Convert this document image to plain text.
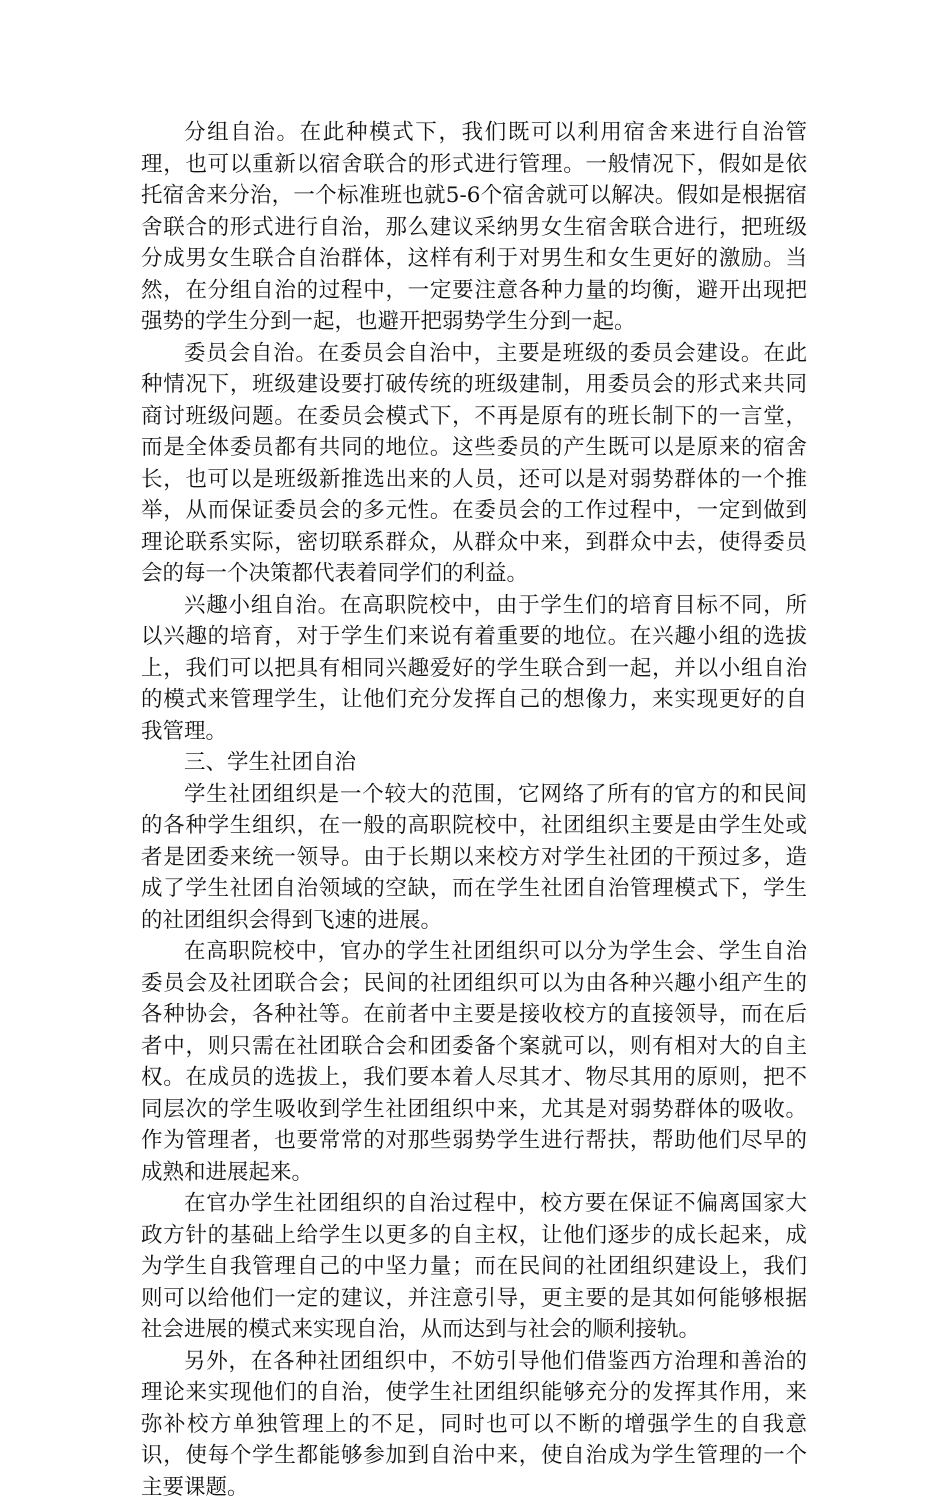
分组自治。在此种模式下，我们既可以利用宿舍来进行自治管理，也可以重新以宿舍联合的形式进行管理。一般情况下，假如是依托宿舍来分治，一个标准班也就5-6个宿舍就可以解决。假如是根据宿舍联合的形式进行自治，那么建议采纳男女生宿舍联合进行，把班级分成男女生联合自治群体，这样有利于对男生和女生更好的激励。当然，在分组自治的过程中，一定要注意各种力量的均衡，避开出现把强势的学生分到一起，也避开把弱势学生分到一起。

委员会自治。在委员会自治中，主要是班级的委员会建设。在此种情况下，班级建设要打破传统的班级建制，用委员会的形式来共同商讨班级问题。在委员会模式下，不再是原有的班长制下的一言堂，而是全体委员都有共同的地位。这些委员的产生既可以是原来的宿舍长，也可以是班级新推选出来的人员，还可以是对弱势群体的一个推举，从而保证委员会的多元性。在委员会的工作过程中，一定到做到理论联系实际，密切联系群众，从群众中来，到群众中去，使得委员会的每一个决策都代表着同学们的利益。

兴趣小组自治。在高职院校中，由于学生们的培育目标不同，所以兴趣的培育，对于学生们来说有着重要的地位。在兴趣小组的选拔上，我们可以把具有相同兴趣爱好的学生联合到一起，并以小组自治的模式来管理学生，让他们充分发挥自己的想像力，来实现更好的自我管理。

三、学生社团自治

学生社团组织是一个较大的范围，它网络了所有的官方的和民间的各种学生组织，在一般的高职院校中，社团组织主要是由学生处或者是团委来统一领导。由于长期以来校方对学生社团的干预过多，造成了学生社团自治领域的空缺，而在学生社团自治管理模式下，学生的社团组织会得到飞速的进展。

在高职院校中，官办的学生社团组织可以分为学生会、学生自治委员会及社团联合会；民间的社团组织可以为由各种兴趣小组产生的各种协会，各种社等。在前者中主要是接收校方的直接领导，而在后者中，则只需在社团联合会和团委备个案就可以，则有相对大的自主权。在成员的选拔上，我们要本着人尽其才、物尽其用的原则，把不同层次的学生吸收到学生社团组织中来，尤其是对弱势群体的吸收。作为管理者，也要常常的对那些弱势学生进行帮扶，帮助他们尽早的成熟和进展起来。

在官办学生社团组织的自治过程中，校方要在保证不偏离国家大政方针的基础上给学生以更多的自主权，让他们逐步的成长起来，成为学生自我管理自己的中坚力量；而在民间的社团组织建设上，我们则可以给他们一定的建议，并注意引导，更主要的是其如何能够根据社会进展的模式来实现自治，从而达到与社会的顺利接轨。

另外，在各种社团组织中，不妨引导他们借鉴西方治理和善治的理论来实现他们的自治，使学生社团组织能够充分的发挥其作用，来弥补校方单独管理上的不足，同时也可以不断的增强学生的自我意识，使每个学生都能够参加到自治中来，使自治成为学生管理的一个主要课题。
